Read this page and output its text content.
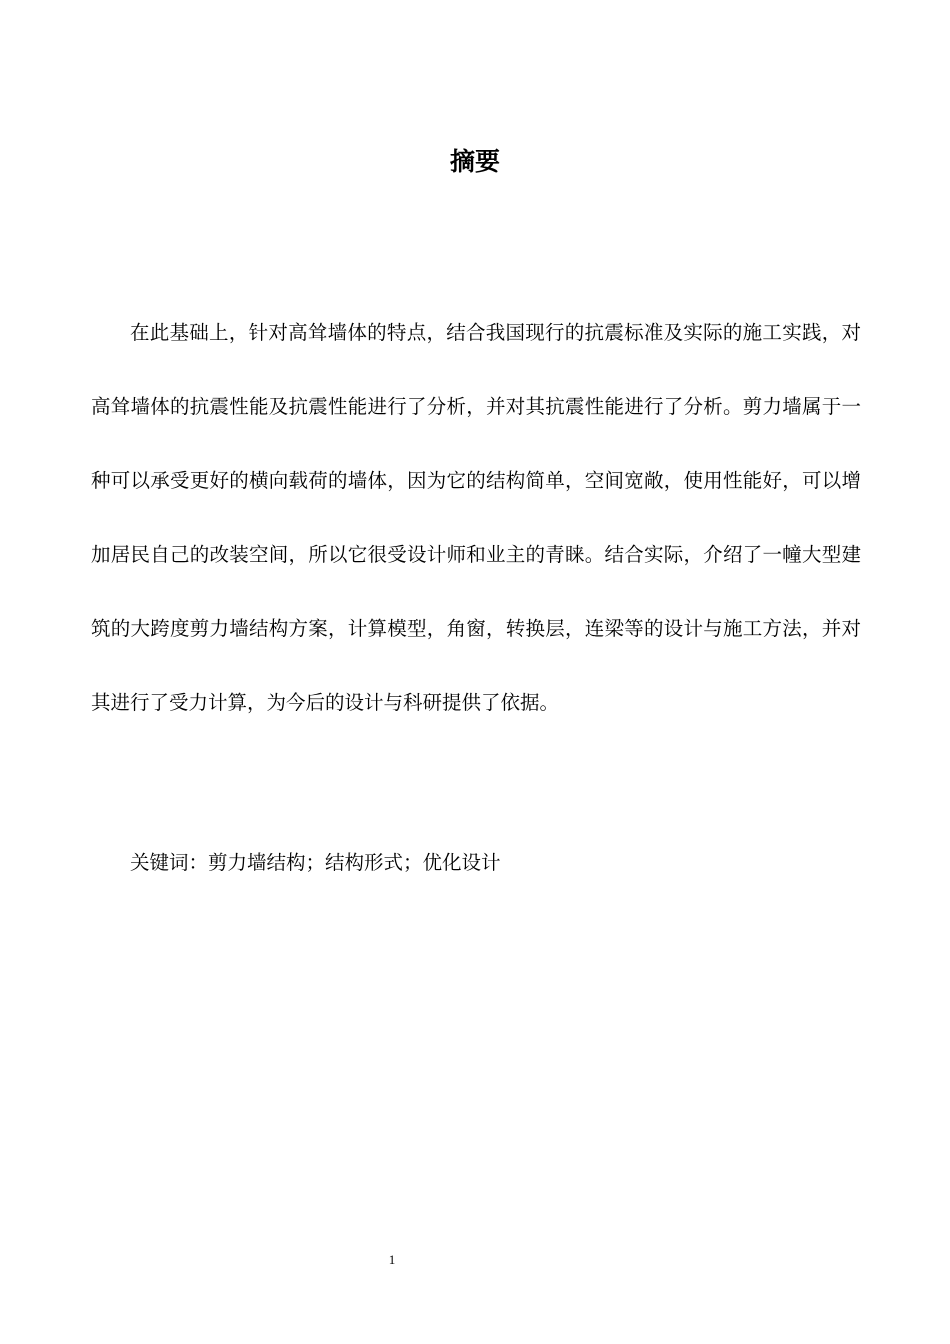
摘要

在此基础上，针对高耸墙体的特点，结合我国现行的抗震标准及实际的施工实践，对高耸墙体的抗震性能及抗震性能进行了分析，并对其抗震性能进行了分析。剪力墙属于一种可以承受更好的横向载荷的墙体，因为它的结构简单，空间宽敞，使用性能好，可以增加居民自己的改装空间，所以它很受设计师和业主的青睐。结合实际，介绍了一幢大型建筑的大跨度剪力墙结构方案，计算模型，角窗，转换层，连梁等的设计与施工方法，并对其进行了受力计算，为今后的设计与科研提供了依据。

关键词：剪力墙结构；结构形式；优化设计
1
